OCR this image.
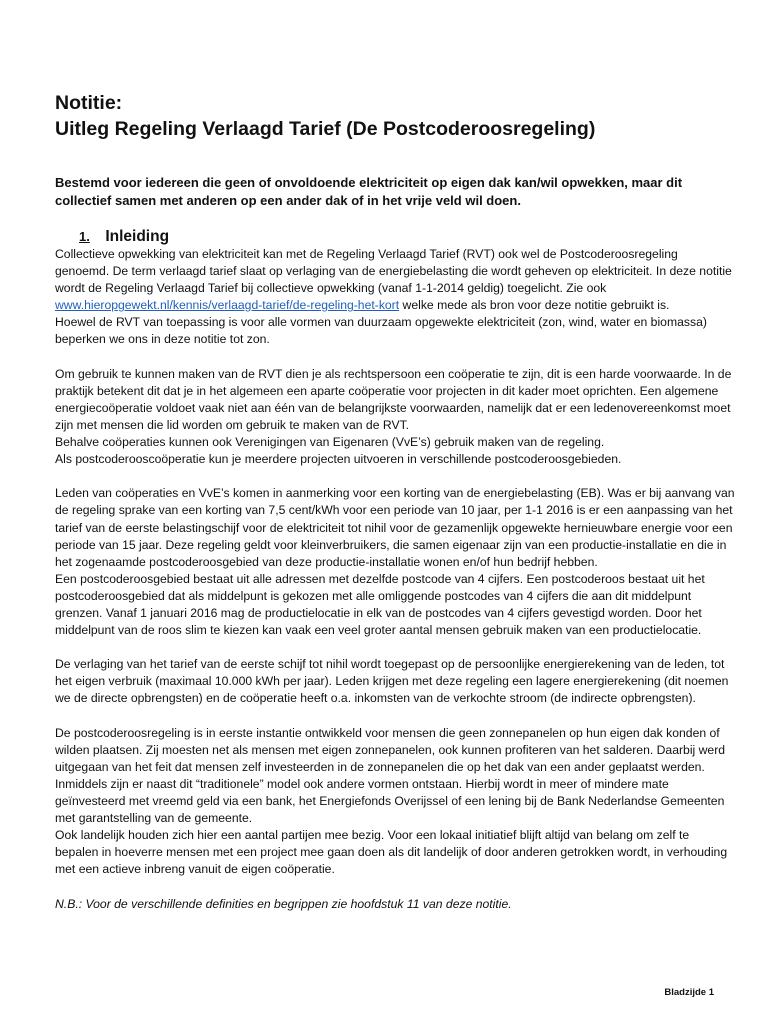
Notitie:
Uitleg Regeling Verlaagd Tarief (De Postcoderoosregeling)
Bestemd voor iedereen die geen of onvoldoende elektriciteit op eigen dak kan/wil opwekken, maar dit collectief samen met anderen op een ander dak of in het vrije veld wil doen.
1. Inleiding

Collectieve opwekking van elektriciteit kan met de Regeling Verlaagd Tarief (RVT) ook wel de Postcoderoosregeling genoemd. De term verlaagd tarief slaat op verlaging van de energiebelasting die wordt geheven op elektriciteit. In deze notitie wordt de Regeling Verlaagd Tarief bij collectieve opwekking (vanaf 1-1-2014 geldig) toegelicht. Zie ook www.hieropgewekt.nl/kennis/verlaagd-tarief/de-regeling-het-kort welke mede als bron voor deze notitie gebruikt is.
Hoewel de RVT van toepassing is voor alle vormen van duurzaam opgewekte elektriciteit (zon, wind, water en biomassa) beperken we ons in deze notitie tot zon.

Om gebruik te kunnen maken van de RVT dien je als rechtspersoon een coöperatie te zijn, dit is een harde voorwaarde. In de praktijk betekent dit dat je in het algemeen een aparte coöperatie voor projecten in dit kader moet oprichten. Een algemene energiecoöperatie voldoet vaak niet aan één van de belangrijkste voorwaarden, namelijk dat er een ledenovereenkomst moet zijn met mensen die lid worden om gebruik te maken van de RVT.
Behalve coöperaties kunnen ook Verenigingen van Eigenaren (VvE’s) gebruik maken van de regeling.
Als postcoderooscoöperatie kun je meerdere projecten uitvoeren in verschillende postcoderoosgebieden.

Leden van coöperaties en VvE’s komen in aanmerking voor een korting van de energiebelasting (EB). Was er bij aanvang van de regeling sprake van een korting van 7,5 cent/kWh voor een periode van 10 jaar, per 1-1 2016 is er een aanpassing van het tarief van de eerste belastingschijf voor de elektriciteit tot nihil voor de gezamenlijk opgewekte hernieuwbare energie voor een periode van 15 jaar. Deze regeling geldt voor kleinverbruikers, die samen eigenaar zijn van een productie-installatie en die in het zogenaamde postcoderoosgebied van deze productie-installatie wonen en/of hun bedrijf hebben.
Een postcoderoosgebied bestaat uit alle adressen met dezelfde postcode van 4 cijfers. Een postcoderoos bestaat uit het postcoderoosgebied dat als middelpunt is gekozen met alle omliggende postcodes van 4 cijfers die aan dit middelpunt grenzen. Vanaf 1 januari 2016 mag de productielocatie in elk van de postcodes van 4 cijfers gevestigd worden. Door het middelpunt van de roos slim te kiezen kan vaak een veel groter aantal mensen gebruik maken van een productielocatie.

De verlaging van het tarief van de eerste schijf tot nihil wordt toegepast op de persoonlijke energierekening van de leden, tot het eigen verbruik (maximaal 10.000 kWh per jaar). Leden krijgen met deze regeling een lagere energierekening (dit noemen we de directe opbrengsten) en de coöperatie heeft o.a. inkomsten van de verkochte stroom (de indirecte opbrengsten).

De postcoderoosregeling is in eerste instantie ontwikkeld voor mensen die geen zonnepanelen op hun eigen dak konden of wilden plaatsen. Zij moesten net als mensen met eigen zonnepanelen, ook kunnen profiteren van het salderen. Daarbij werd uitgegaan van het feit dat mensen zelf investeerden in de zonnepanelen die op het dak van een ander geplaatst werden.
Inmiddels zijn er naast dit “traditionele” model ook andere vormen ontstaan. Hierbij wordt in meer of mindere mate geïnvesteerd met vreemd geld via een bank, het Energiefonds Overijssel of een lening bij de Bank Nederlandse Gemeenten met garantstelling van de gemeente.
Ook landelijk houden zich hier een aantal partijen mee bezig. Voor een lokaal initiatief blijft altijd van belang om zelf te bepalen in hoeverre mensen met een project mee gaan doen als dit landelijk of door anderen getrokken wordt, in verhouding met een actieve inbreng vanuit de eigen coöperatie.

N.B.: Voor de verschillende definities en begrippen zie hoofdstuk 11 van deze notitie.

Bladzijde 1
